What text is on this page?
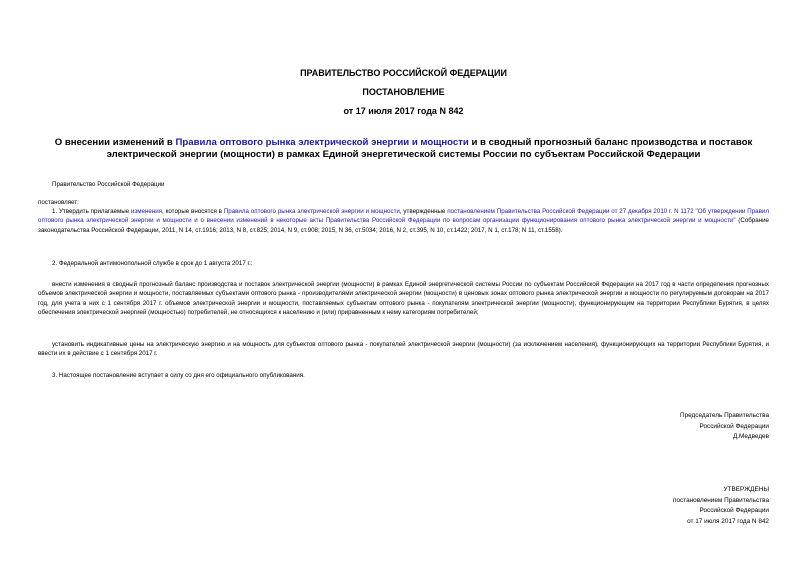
ПРАВИТЕЛЬСТВО РОССИЙСКОЙ ФЕДЕРАЦИИ
ПОСТАНОВЛЕНИЕ
от 17 июля 2017 года N 842
О внесении изменений в Правила оптового рынка электрической энергии и мощности и в сводный прогнозный баланс производства и поставок электрической энергии (мощности) в рамках Единой энергетической системы России по субъектам Российской Федерации
Правительство Российской Федерации
постановляет:
1. Утвердить прилагаемые изменения, которые вносятся в Правила оптового рынка электрической энергии и мощности, утвержденные постановлением Правительства Российской Федерации от 27 декабря 2010 г. N 1172 "Об утверждении Правил оптового рынка электрической энергии и мощности и о внесении изменений в некоторые акты Правительства Российской Федерации по вопросам организации функционирования оптового рынка электрической энергии и мощности" (Собрание законодательства Российской Федерации, 2011, N 14, ст.1916; 2013, N 8, ст.825; 2014, N 9, ст.908; 2015, N 36, ст.5034; 2016, N 2, ст.395, N 10, ст.1422; 2017, N 1, ст.178; N 11, ст.1558).
2. Федеральной антимонопольной службе в срок до 1 августа 2017 г.:
внести изменения в сводный прогнозный баланс производства и поставок электрической энергии (мощности) в рамках Единой энергетической системы России по субъектам Российской Федерации на 2017 год в части определения прогнозных объемов электрической энергии и мощности, поставляемых субъектами оптового рынка - производителями электрической энергии (мощности) в ценовых зонах оптового рынка электрической энергии и мощности по регулируемым договорам на 2017 год, для учета в них с 1 сентября 2017 г. объемов электрической энергии и мощности, поставляемых субъектам оптового рынка - покупателям электрической энергии (мощности), функционирующим на территории Республики Бурятия, в целях обеспечения электрической энергией (мощностью) потребителей, не относящихся к населению и (или) приравненным к нему категориям потребителей;
установить индикативные цены на электрическую энергию и на мощность для субъектов оптового рынка - покупателей электрической энергии (мощности) (за исключением населения), функционирующих на территории Республики Бурятия, и ввести их в действие с 1 сентября 2017 г.
3. Настоящее постановление вступает в силу со дня его официального опубликования.
Председатель Правительства
Российской Федерации
Д.Медведев
УТВЕРЖДЕНЫ
постановлением Правительства
Российской Федерации
от 17 июля 2017 года N 842
